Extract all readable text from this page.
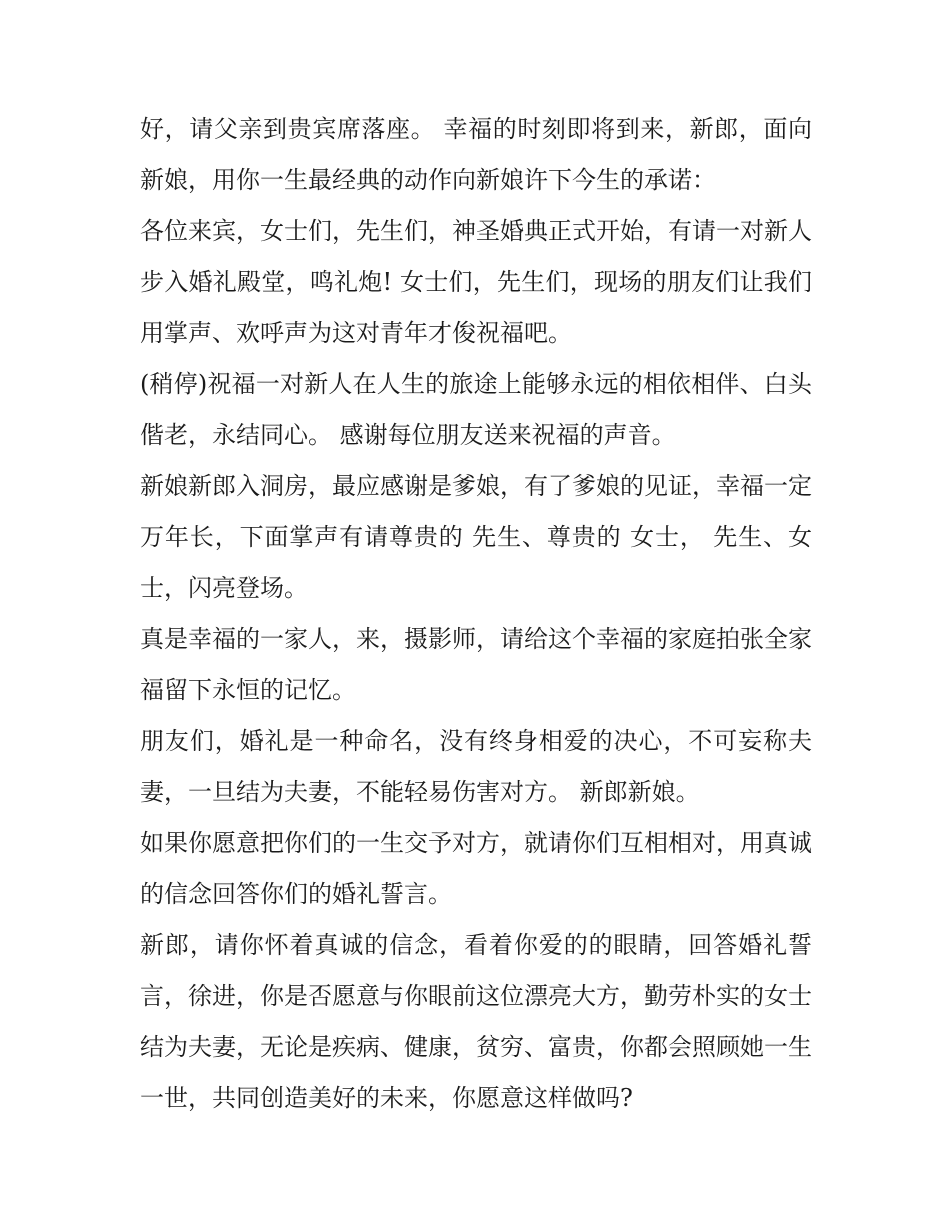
好，请父亲到贵宾席落座。 幸福的时刻即将到来，新郎，面向新娘，用你一生最经典的动作向新娘许下今生的承诺：

各位来宾，女士们，先生们，神圣婚典正式开始，有请一对新人步入婚礼殿堂，鸣礼炮! 女士们，先生们，现场的朋友们让我们用掌声、欢呼声为这对青年才俊祝福吧。

(稍停)祝福一对新人在人生的旅途上能够永远的相依相伴、白头偕老，永结同心。 感谢每位朋友送来祝福的声音。

新娘新郎入洞房，最应感谢是爹娘，有了爹娘的见证，幸福一定万年长，下面掌声有请尊贵的 先生、尊贵的 女士， 先生、女士，闪亮登场。

真是幸福的一家人，来，摄影师，请给这个幸福的家庭拍张全家福留下永恒的记忆。

朋友们，婚礼是一种命名，没有终身相爱的决心，不可妄称夫妻，一旦结为夫妻，不能轻易伤害对方。 新郎新娘。

如果你愿意把你们的一生交予对方，就请你们互相相对，用真诚的信念回答你们的婚礼誓言。

新郎，请你怀着真诚的信念，看着你爱的的眼睛，回答婚礼誓言，徐进，你是否愿意与你眼前这位漂亮大方，勤劳朴实的女士结为夫妻，无论是疾病、健康，贫穷、富贵，你都会照顾她一生一世，共同创造美好的未来，你愿意这样做吗?
